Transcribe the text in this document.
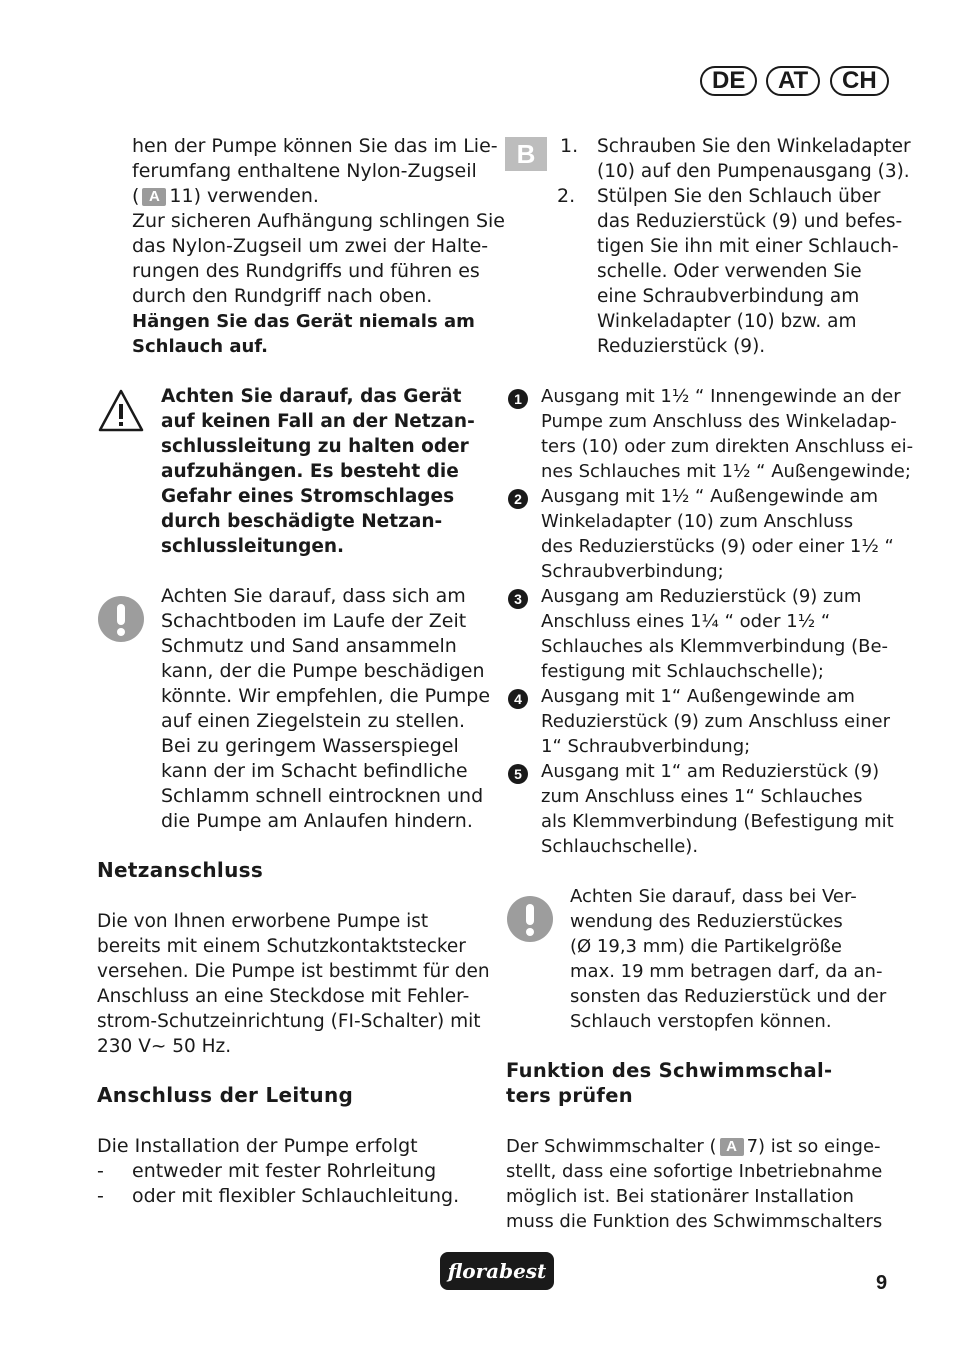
DE	AT	CH
hen der Pumpe können Sie das im Lie-
ferumfang enthaltene Nylon-Zugseil
( A 11) verwenden.
Zur sicheren Aufhängung schlingen Sie
das Nylon-Zugseil um zwei der Halte-
rungen des Rundgriffs und führen es
durch den Rundgriff nach oben.
Hängen Sie das Gerät niemals am
Schlauch auf.
Achten Sie darauf, das Gerät
auf keinen Fall an der Netzan-
schlussleitung zu halten oder
aufzuhängen. Es besteht die
Gefahr eines Stromschlages
durch beschädigte Netzan-
schlussleitungen.
Achten Sie darauf, dass sich am
Schachtboden im Laufe der Zeit
Schmutz und Sand ansammeln
kann, der die Pumpe beschädigen
könnte. Wir empfehlen, die Pumpe
auf einen Ziegelstein zu stellen.
Bei zu geringem Wasserspiegel
kann der im Schacht befindliche
Schlamm schnell eintrocknen und
die Pumpe am Anlaufen hindern.
Netzanschluss
Die von Ihnen erworbene Pumpe ist
bereits mit einem Schutzkontaktstecker
versehen. Die Pumpe ist bestimmt für den
Anschluss an eine Steckdose mit Fehler-
strom-Schutzeinrichtung (FI-Schalter) mit
230 V~ 50 Hz.
Anschluss der Leitung
Die Installation der Pumpe erfolgt
- entweder mit fester Rohrleitung
- oder mit flexibler Schlauchleitung.
B	1. Schrauben Sie den Winkeladapter
(10) auf den Pumpenausgang (3).
2. Stülpen Sie den Schlauch über
das Reduzierstück (9) und befes-
tigen Sie ihn mit einer Schlauch-
schelle. Oder verwenden Sie
eine Schraubverbindung am
Winkeladapter (10) bzw. am
Reduzierstück (9).
1	Ausgang mit 1½ “ Innengewinde an der
Pumpe zum Anschluss des Winkeladap-
ters (10) oder zum direkten Anschluss ei-
nes Schlauches mit 1½ “ Außengewinde;
2	Ausgang mit 1½ “ Außengewinde am
Winkeladapter (10) zum Anschluss
des Reduzierstücks (9) oder einer 1½ “
Schraubverbindung;
3	Ausgang am Reduzierstück (9) zum
Anschluss eines 1¼ “ oder 1½ “
Schlauches als Klemmverbindung (Be-
festigung mit Schlauchschelle);
4	Ausgang mit 1“ Außengewinde am
Reduzierstück (9) zum Anschluss einer
1“ Schraubverbindung;
5	Ausgang mit 1“ am Reduzierstück (9)
zum Anschluss eines 1“ Schlauches
als Klemmverbindung (Befestigung mit
Schlauchschelle).
Achten Sie darauf, dass bei Ver-
wendung des Reduzierstückes
(Ø 19,3 mm) die Partikelgröße
max. 19 mm betragen darf, da an-
sonsten das Reduzierstück und der
Schlauch verstopfen können.
Funktion des Schwimmschal-
ters prüfen
Der Schwimmschalter ( A 7) ist so einge-
stellt, dass eine sofortige Inbetriebnahme
möglich ist. Bei stationärer Installation
muss die Funktion des Schwimmschalters
florabest	9
